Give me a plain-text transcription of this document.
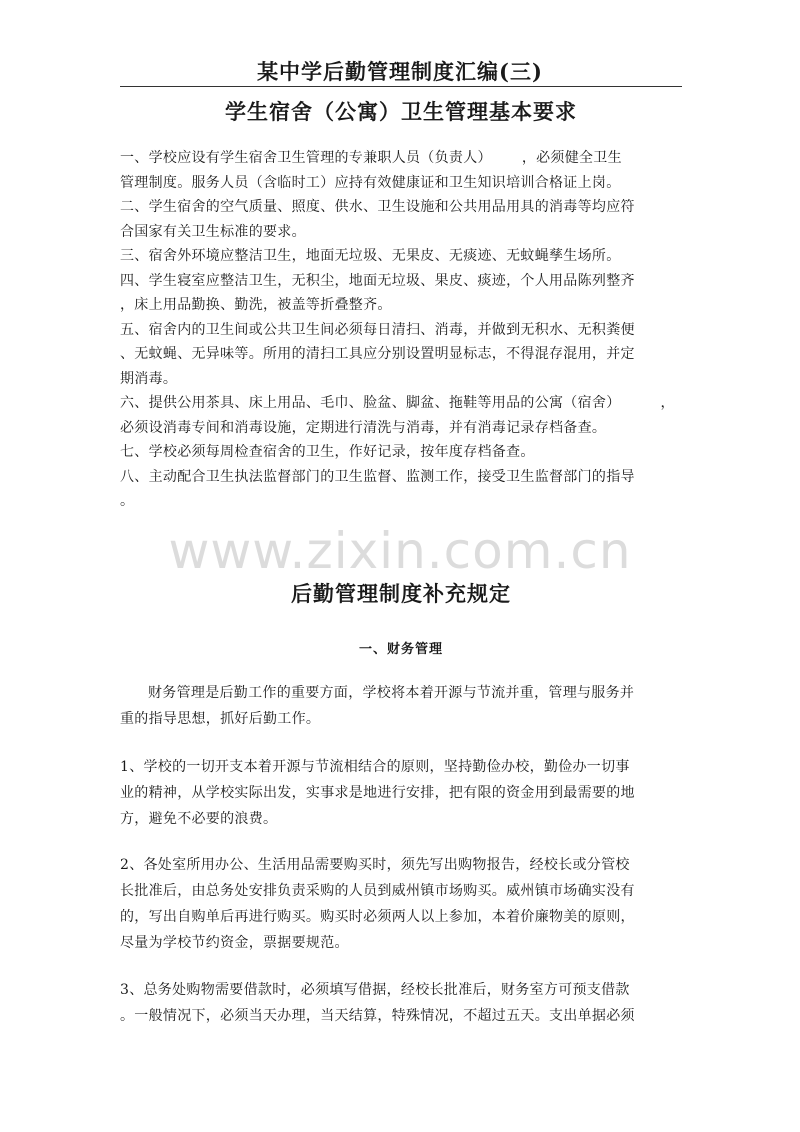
某中学后勤管理制度汇编(三)
学生宿舍（公寓）卫生管理基本要求
一、学校应设有学生宿舍卫生管理的专兼职人员（负责人） ，必须健全卫生
管理制度。服务人员（含临时工）应持有效健康证和卫生知识培训合格证上岗。
二、学生宿舍的空气质量、照度、供水、卫生设施和公共用品用具的消毒等均应符
合国家有关卫生标准的要求。
三、宿舍外环境应整洁卫生，地面无垃圾、无果皮、无痰迹、无蚊蝇孳生场所。
四、学生寝室应整洁卫生，无积尘，地面无垃圾、果皮、痰迹，个人用品陈列整齐
，床上用品勤换、勤洗，被盖等折叠整齐。
五、宿舍内的卫生间或公共卫生间必须每日清扫、消毒，并做到无积水、无积粪便
、无蚊蝇、无异味等。所用的清扫工具应分别设置明显标志，不得混存混用，并定
期消毒。
六、提供公用茶具、床上用品、毛巾、脸盆、脚盆、拖鞋等用品的公寓（宿舍）	，
必须设消毒专间和消毒设施，定期进行清洗与消毒，并有消毒记录存档备查。
七、学校必须每周检查宿舍的卫生，作好记录，按年度存档备查。
八、主动配合卫生执法监督部门的卫生监督、监测工作，接受卫生监督部门的指导
。
www.zixin.com.cn
后勤管理制度补充规定
一、财务管理
财务管理是后勤工作的重要方面，学校将本着开源与节流并重，管理与服务并
重的指导思想，抓好后勤工作。
1、学校的一切开支本着开源与节流相结合的原则，坚持勤俭办校，勤俭办一切事
业的精神，从学校实际出发，实事求是地进行安排，把有限的资金用到最需要的地
方，避免不必要的浪费。
2、各处室所用办公、生活用品需要购买时，须先写出购物报告，经校长或分管校
长批准后，由总务处安排负责采购的人员到威州镇市场购买。威州镇市场确实没有
的，写出自购单后再进行购买。购买时必须两人以上参加，本着价廉物美的原则，
尽量为学校节约资金，票据要规范。
3、总务处购物需要借款时，必须填写借据，经校长批准后，财务室方可预支借款
。一般情况下，必须当天办理，当天结算，特殊情况，不超过五天。支出单据必须
